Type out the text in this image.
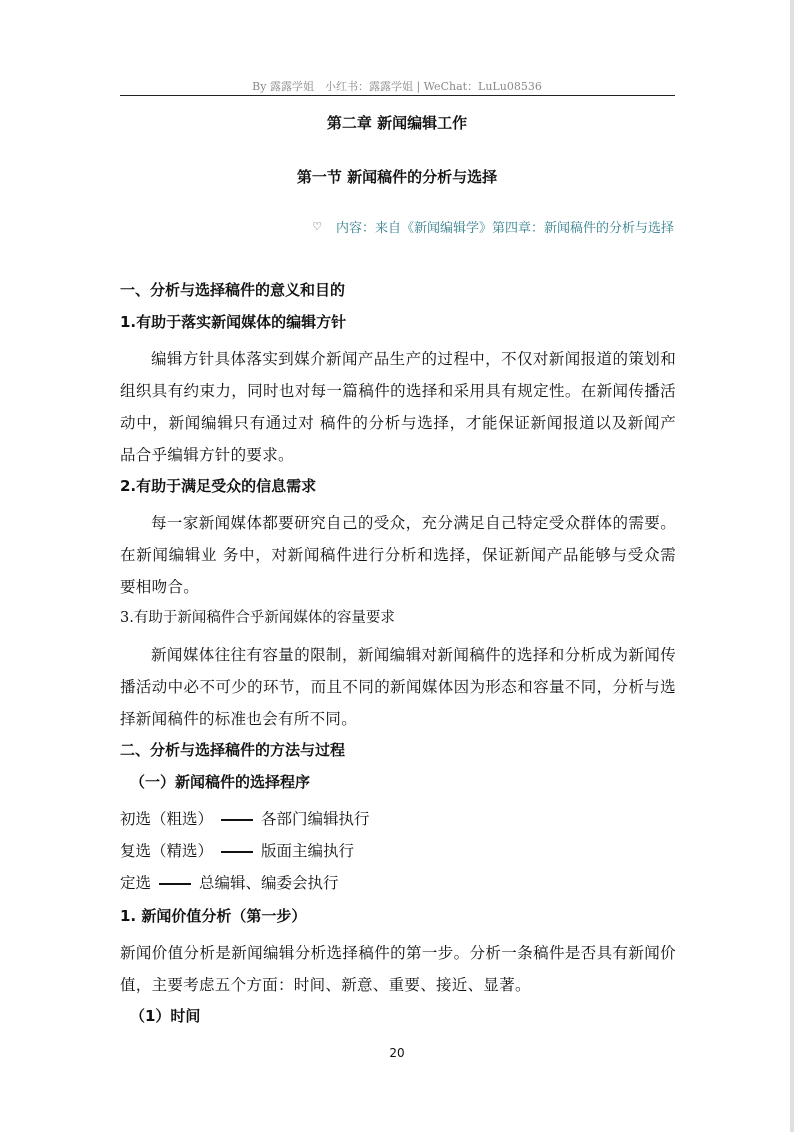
By 露露学姐　小红书：露露学姐 | WeChat：LuLu08536
第二章 新闻编辑工作
第一节 新闻稿件的分析与选择
♡ 内容：来自《新闻编辑学》第四章：新闻稿件的分析与选择
一、分析与选择稿件的意义和目的
1.有助于落实新闻媒体的编辑方针

编辑方针具体落实到媒介新闻产品生产的过程中，不仅对新闻报道的策划和组织具有约束力，同时也对每一篇稿件的选择和采用具有规定性。在新闻传播活动中，新闻编辑只有通过对 稿件的分析与选择，才能保证新闻报道以及新闻产品合乎编辑方针的要求。

2.有助于满足受众的信息需求

每一家新闻媒体都要研究自己的受众，充分满足自己特定受众群体的需要。在新闻编辑业 务中，对新闻稿件进行分析和选择，保证新闻产品能够与受众需要相吻合。

3.有助于新闻稿件合乎新闻媒体的容量要求

新闻媒体往往有容量的限制，新闻编辑对新闻稿件的选择和分析成为新闻传播活动中必不可少的环节，而且不同的新闻媒体因为形态和容量不同，分析与选择新闻稿件的标准也会有所不同。

二、分析与选择稿件的方法与过程
（一）新闻稿件的选择程序
初选（粗选）	各部门编辑执行
复选（精选）	版面主编执行
定选	总编辑、编委会执行
1. 新闻价值分析（第一步）

新闻价值分析是新闻编辑分析选择稿件的第一步。分析一条稿件是否具有新闻价值，主要考虑五个方面：时间、新意、重要、接近、显著。

（1）时间
20
